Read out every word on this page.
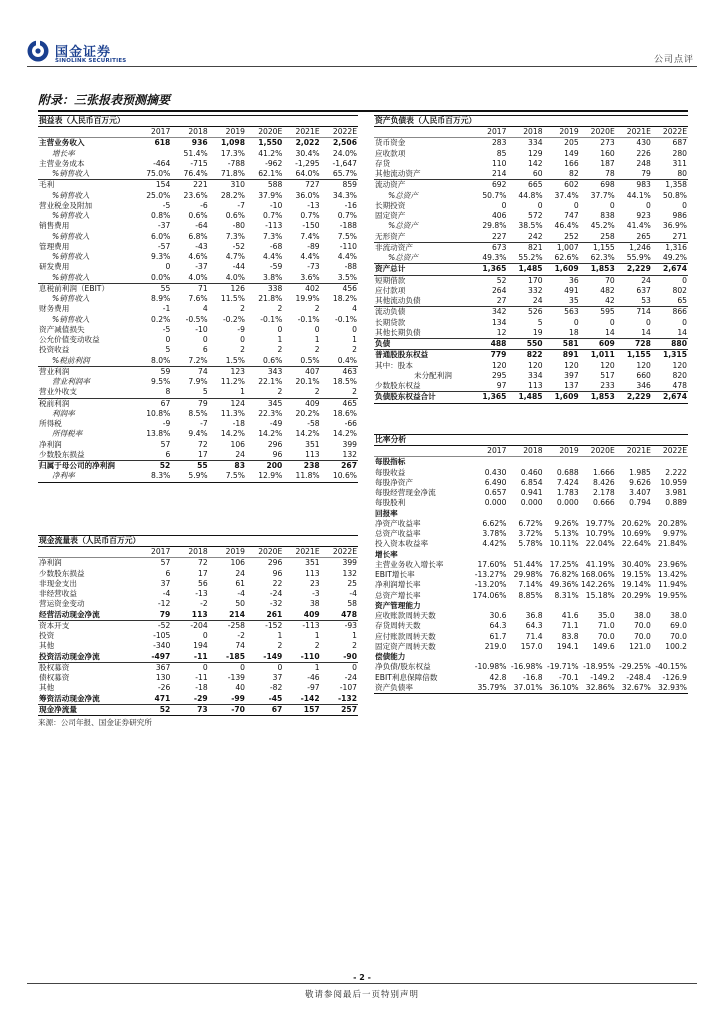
国金证券
SINOLINK SECURITIES	公司点评
附录：三张报表预测摘要
损益表（人民币百万元）
	2017	2018	2019	2020E	2021E	2022E
主营业务收入	618	936	1,098	1,550	2,022	2,506
增长率		51.4%	17.3%	41.2%	30.4%	24.0%
主营业务成本	-464	-715	-788	-962	-1,295	-1,647
%销售收入	75.0%	76.4%	71.8%	62.1%	64.0%	65.7%
毛利	154	221	310	588	727	859
%销售收入	25.0%	23.6%	28.2%	37.9%	36.0%	34.3%
营业税金及附加	-5	-6	-7	-10	-13	-16
%销售收入	0.8%	0.6%	0.6%	0.7%	0.7%	0.7%
销售费用	-37	-64	-80	-113	-150	-188
%销售收入	6.0%	6.8%	7.3%	7.3%	7.4%	7.5%
管理费用	-57	-43	-52	-68	-89	-110
%销售收入	9.3%	4.6%	4.7%	4.4%	4.4%	4.4%
研发费用	0	-37	-44	-59	-73	-88
%销售收入	0.0%	4.0%	4.0%	3.8%	3.6%	3.5%
息税前利润（EBIT）	55	71	126	338	402	456
%销售收入	8.9%	7.6%	11.5%	21.8%	19.9%	18.2%
财务费用	-1	4	2	2	2	4
%销售收入	0.2%	-0.5%	-0.2%	-0.1%	-0.1%	-0.1%
资产减值损失	-5	-10	-9	0	0	0
公允价值变动收益	0	0	0	1	1	1
投资收益	5	6	2	2	2	2
%税前利润	8.0%	7.2%	1.5%	0.6%	0.5%	0.4%
营业利润	59	74	123	343	407	463
营业利润率	9.5%	7.9%	11.2%	22.1%	20.1%	18.5%
营业外收支	8	5	1	2	2	2
税前利润	67	79	124	345	409	465
利润率	10.8%	8.5%	11.3%	22.3%	20.2%	18.6%
所得税	-9	-7	-18	-49	-58	-66
所得税率	13.8%	9.4%	14.2%	14.2%	14.2%	14.2%
净利润	57	72	106	296	351	399
少数股东损益	6	17	24	96	113	132
归属于母公司的净利润	52	55	83	200	238	267
净利率	8.3%	5.9%	7.5%	12.9%	11.8%	10.6%
现金流量表（人民币百万元）
	2017	2018	2019	2020E	2021E	2022E
净利润	57	72	106	296	351	399
少数股东损益	6	17	24	96	113	132
非现金支出	37	56	61	22	23	25
非经营收益	-4	-13	-4	-24	-3	-4
营运资金变动	-12	-2	50	-32	38	58
经营活动现金净流	79	113	214	261	409	478
资本开支	-52	-204	-258	-152	-113	-93
投资	-105	0	-2	1	1	1
其他	-340	194	74	2	2	2
投资活动现金净流	-497	-11	-185	-149	-110	-90
股权募资	367	0	0	0	1	0
债权募资	130	-11	-139	37	-46	-24
其他	-26	-18	40	-82	-97	-107
筹资活动现金净流	471	-29	-99	-45	-142	-132
现金净流量	52	73	-70	67	157	257
资产负债表（人民币百万元）
	2017	2018	2019	2020E	2021E	2022E
货币资金	283	334	205	273	430	687
应收款项	85	129	149	160	226	280
存货	110	142	166	187	248	311
其他流动资产	214	60	82	78	79	80
流动资产	692	665	602	698	983	1,358
%总资产	50.7%	44.8%	37.4%	37.7%	44.1%	50.8%
长期投资	0	0	0	0	0	0
固定资产	406	572	747	838	923	986
%总资产	29.8%	38.5%	46.4%	45.2%	41.4%	36.9%
无形资产	227	242	252	258	265	271
非流动资产	673	821	1,007	1,155	1,246	1,316
%总资产	49.3%	55.2%	62.6%	62.3%	55.9%	49.2%
资产总计	1,365	1,485	1,609	1,853	2,229	2,674
短期借款	52	170	36	70	24	0
应付款项	264	332	491	482	637	802
其他流动负债	27	24	35	42	53	65
流动负债	342	526	563	595	714	866
长期贷款	134	5	0	0	0	0
其他长期负债	12	19	18	14	14	14
负债	488	550	581	609	728	880
普通股股东权益	779	822	891	1,011	1,155	1,315
其中：股本	120	120	120	120	120	120
未分配利润	295	334	397	517	660	820
少数股东权益	97	113	137	233	346	478
负债股东权益合计	1,365	1,485	1,609	1,853	2,229	2,674
比率分析
	2017	2018	2019	2020E	2021E	2022E
每股指标						
每股收益	0.430	0.460	0.688	1.666	1.985	2.222
每股净资产	6.490	6.854	7.424	8.426	9.626	10.959
每股经营现金净流	0.657	0.941	1.783	2.178	3.407	3.981
每股股利	0.000	0.000	0.000	0.666	0.794	0.889
回报率						
净资产收益率	6.62%	6.72%	9.26%	19.77%	20.62%	20.28%
总资产收益率	3.78%	3.72%	5.13%	10.79%	10.69%	9.97%
投入资本收益率	4.42%	5.78%	10.11%	22.04%	22.64%	21.84%
增长率						
主营业务收入增长率	17.60%	51.44%	17.25%	41.19%	30.40%	23.96%
EBIT增长率	-13.27%	29.98%	76.82%	168.06%	19.15%	13.42%
净利润增长率	-13.20%	7.14%	49.36%	142.26%	19.14%	11.94%
总资产增长率	174.06%	8.85%	8.31%	15.18%	20.29%	19.95%
资产管理能力						
应收账款周转天数	30.6	36.8	41.6	35.0	38.0	38.0
存货周转天数	64.3	64.3	71.1	71.0	70.0	69.0
应付账款周转天数	61.7	71.4	83.8	70.0	70.0	70.0
固定资产周转天数	219.0	157.0	194.1	149.6	121.0	100.2
偿债能力						
净负债/股东权益	-10.98%	-16.98%	-19.71%	-18.95%	-29.25%	-40.15%
EBIT利息保障倍数	42.8	-16.8	-70.1	-149.2	-248.4	-126.9
资产负债率	35.79%	37.01%	36.10%	32.86%	32.67%	32.93%
来源：公司年报、国金证券研究所
- 2 -
敬请参阅最后一页特别声明
